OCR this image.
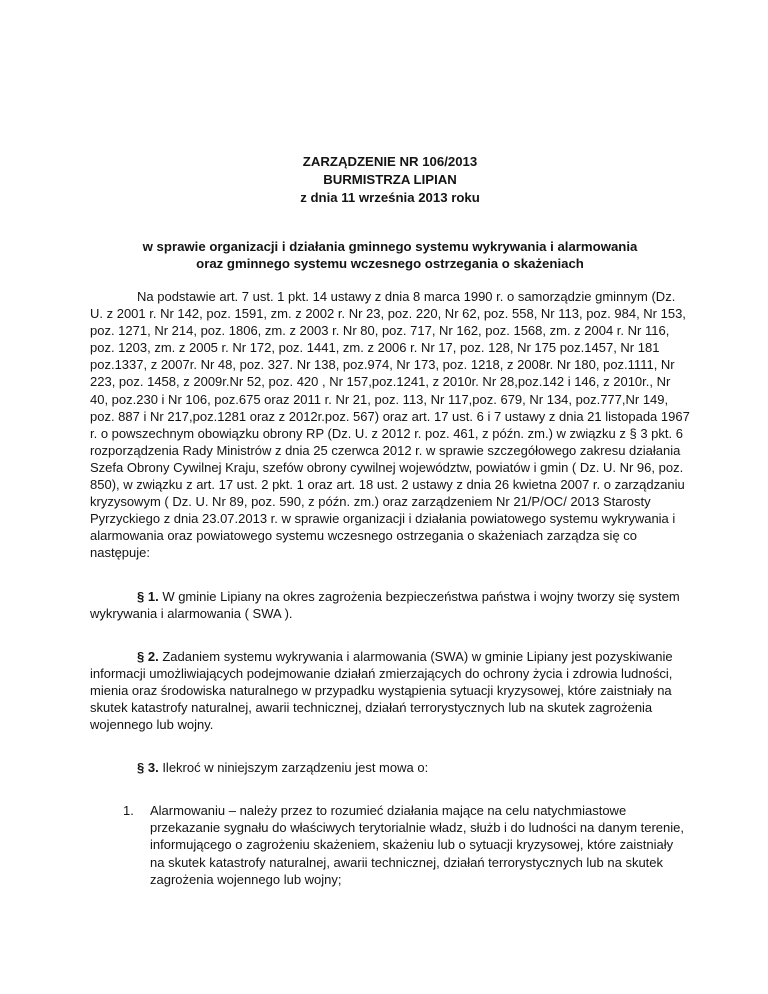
ZARZĄDZENIE NR 106/2013
BURMISTRZA LIPIAN
z dnia 11 września 2013 roku
w sprawie organizacji i działania gminnego systemu wykrywania i alarmowania
oraz gminnego systemu wczesnego ostrzegania o skażeniach

Na podstawie art. 7 ust. 1 pkt. 14 ustawy z dnia 8 marca 1990 r. o samorządzie gminnym (Dz. U. z 2001 r. Nr 142, poz. 1591, zm. z 2002 r. Nr 23, poz. 220, Nr 62, poz. 558, Nr 113, poz. 984, Nr 153, poz. 1271, Nr 214, poz. 1806, zm. z 2003 r. Nr 80, poz. 717, Nr 162, poz. 1568, zm. z 2004 r. Nr 116, poz. 1203, zm. z 2005 r. Nr 172, poz. 1441, zm. z 2006 r. Nr 17, poz. 128, Nr 175 poz.1457, Nr 181 poz.1337, z 2007r. Nr 48, poz. 327. Nr 138, poz.974, Nr 173, poz. 1218, z 2008r. Nr 180, poz.1111, Nr 223, poz. 1458, z 2009r.Nr 52, poz. 420 , Nr 157,poz.1241, z 2010r. Nr 28,poz.142 i 146, z 2010r., Nr 40, poz.230 i Nr 106, poz.675 oraz 2011 r. Nr 21, poz. 113, Nr 117,poz. 679, Nr 134, poz.777,Nr 149, poz. 887 i Nr 217,poz.1281 oraz z 2012r.poz. 567) oraz art. 17 ust. 6 i 7 ustawy z dnia 21 listopada 1967 r. o powszechnym obowiązku obrony RP (Dz. U. z 2012 r. poz. 461, z późn. zm.) w związku z § 3 pkt. 6 rozporządzenia Rady Ministrów z dnia 25 czerwca 2012 r. w sprawie szczegółowego zakresu działania Szefa Obrony Cywilnej Kraju, szefów obrony cywilnej województw, powiatów i gmin ( Dz. U. Nr 96, poz. 850), w związku z art. 17 ust. 2 pkt. 1 oraz art. 18 ust. 2 ustawy z dnia 26 kwietna 2007 r. o zarządzaniu kryzysowym ( Dz. U. Nr 89, poz. 590, z późn. zm.) oraz zarządzeniem Nr 21/P/OC/ 2013 Starosty Pyrzyckiego z dnia 23.07.2013 r. w sprawie organizacji i działania powiatowego systemu wykrywania i alarmowania oraz powiatowego systemu wczesnego ostrzegania o skażeniach zarządza się co następuje:

§ 1. W gminie Lipiany na okres zagrożenia bezpieczeństwa państwa i wojny tworzy się system wykrywania i alarmowania ( SWA ).

§ 2. Zadaniem systemu wykrywania i alarmowania (SWA) w gminie Lipiany jest pozyskiwanie informacji umożliwiających podejmowanie działań zmierzających do ochrony życia i zdrowia ludności, mienia oraz środowiska naturalnego w przypadku wystąpienia sytuacji kryzysowej, które zaistniały na skutek katastrofy naturalnej, awarii technicznej, działań terrorystycznych lub na skutek zagrożenia wojennego lub wojny.

§ 3. Ilekroć w niniejszym zarządzeniu jest mowa o:

1.	Alarmowaniu – należy przez to rozumieć działania mające na celu natychmiastowe przekazanie sygnału do właściwych terytorialnie władz, służb i do ludności na danym terenie, informującego o zagrożeniu skażeniem, skażeniu lub o sytuacji kryzysowej, które zaistniały na skutek katastrofy naturalnej, awarii technicznej, działań terrorystycznych lub na skutek zagrożenia wojennego lub wojny;
